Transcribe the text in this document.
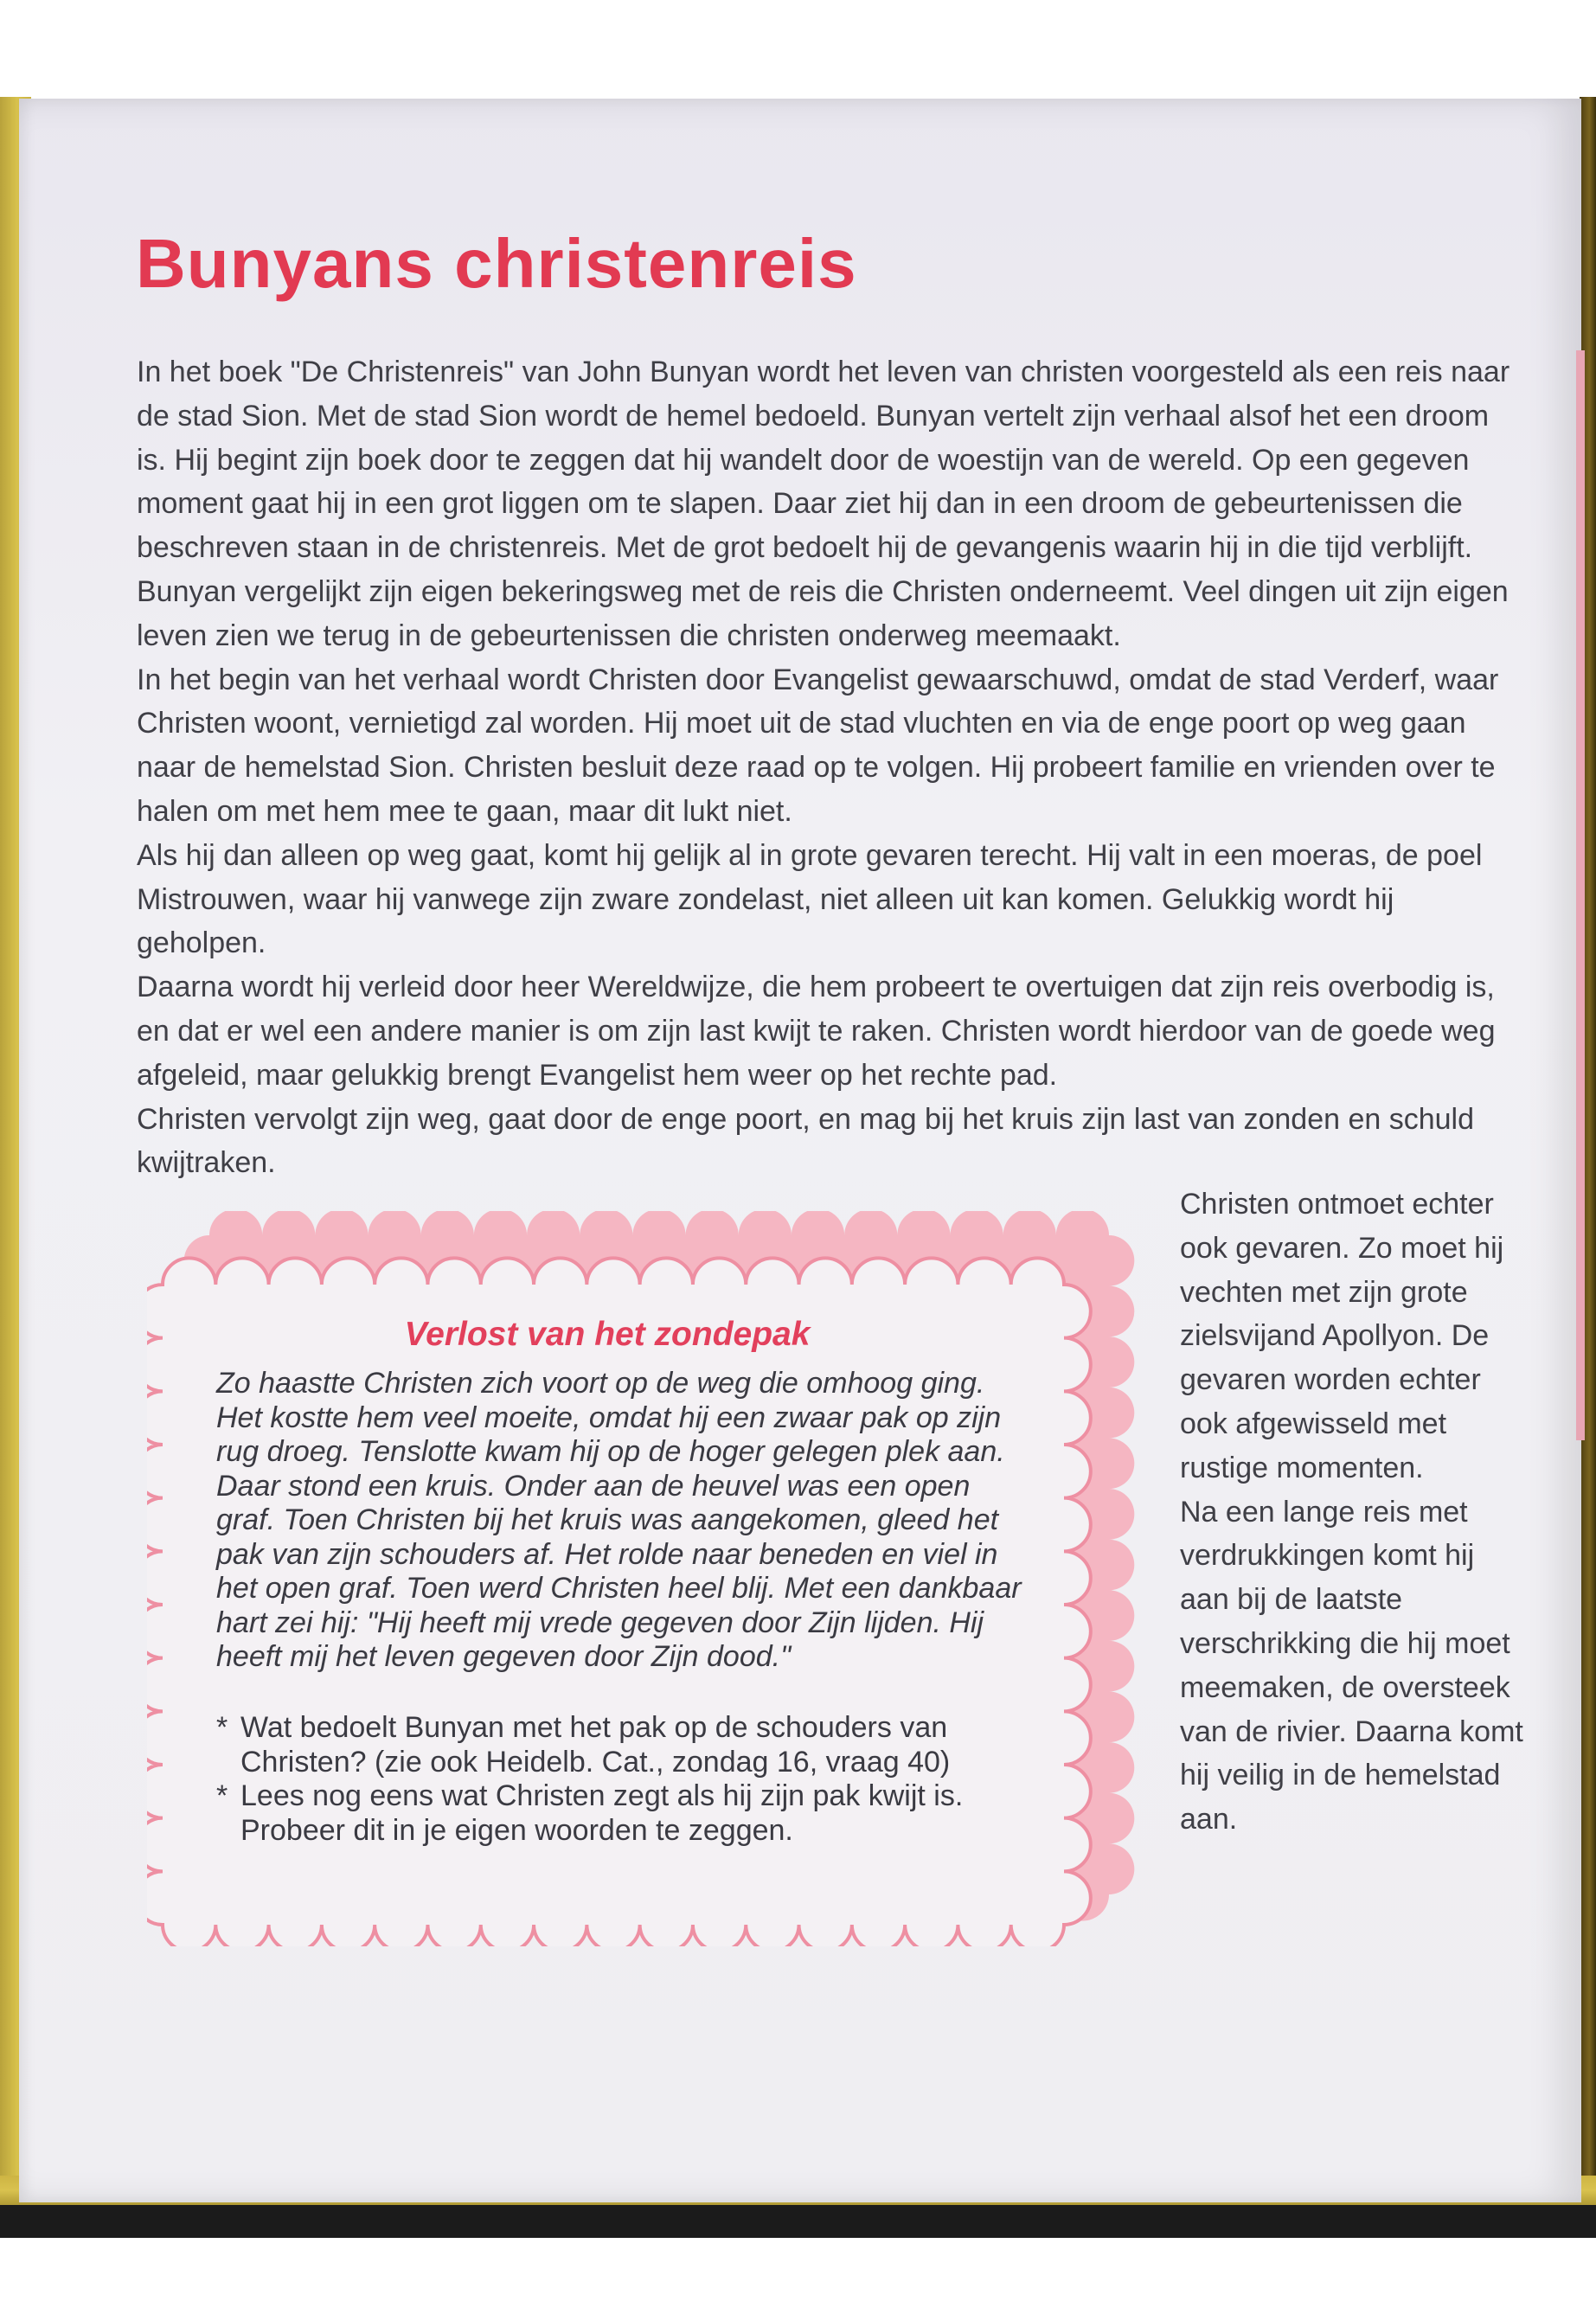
Bunyans christenreis

In het boek "De Christenreis" van John Bunyan wordt het leven van christen voorgesteld als een reis naar de stad Sion. Met de stad Sion wordt de hemel bedoeld. Bunyan vertelt zijn verhaal alsof het een droom is. Hij begint zijn boek door te zeggen dat hij wandelt door de woestijn van de wereld. Op een gegeven moment gaat hij in een grot liggen om te slapen. Daar ziet hij dan in een droom de gebeurtenissen die beschreven staan in de christenreis. Met de grot bedoelt hij de gevangenis waarin hij in die tijd verblijft. Bunyan vergelijkt zijn eigen bekeringsweg met de reis die Christen onderneemt. Veel dingen uit zijn eigen leven zien we terug in de gebeurtenissen die christen onderweg meemaakt.

In het begin van het verhaal wordt Christen door Evangelist gewaarschuwd, omdat de stad Verderf, waar Christen woont, vernietigd zal worden. Hij moet uit de stad vluchten en via de enge poort op weg gaan naar de hemelstad Sion. Christen besluit deze raad op te volgen. Hij probeert familie en vrienden over te halen om met hem mee te gaan, maar dit lukt niet.

Als hij dan alleen op weg gaat, komt hij gelijk al in grote gevaren terecht. Hij valt in een moeras, de poel Mistrouwen, waar hij vanwege zijn zware zondelast, niet alleen uit kan komen. Gelukkig wordt hij geholpen.

Daarna wordt hij verleid door heer Wereldwijze, die hem probeert te overtuigen dat zijn reis overbodig is, en dat er wel een andere manier is om zijn last kwijt te raken. Christen wordt hierdoor van de goede weg afgeleid, maar gelukkig brengt Evangelist hem weer op het rechte pad.

Christen vervolgt zijn weg, gaat door de enge poort, en mag bij het kruis zijn last van zonden en schuld kwijtraken.

Christen ontmoet echter ook gevaren. Zo moet hij vechten met zijn grote zielsvijand Apollyon. De gevaren worden echter ook afgewisseld met rustige momenten.

Na een lange reis met verdrukkingen komt hij aan bij de laatste verschrikking die hij moet meemaken, de oversteek van de rivier. Daarna komt hij veilig in de hemelstad aan.

Verlost van het zondepak

Zo haastte Christen zich voort op de weg die omhoog ging.

Het kostte hem veel moeite, omdat hij een zwaar pak op zijn

rug droeg. Tenslotte kwam hij op de hoger gelegen plek aan.

Daar stond een kruis. Onder aan de heuvel was een open

graf. Toen Christen bij het kruis was aangekomen, gleed het

pak van zijn schouders af. Het rolde naar beneden en viel in

het open graf. Toen werd Christen heel blij. Met een dankbaar

hart zei hij: "Hij heeft mij vrede gegeven door Zijn lijden. Hij

heeft mij het leven gegeven door Zijn dood."

* Wat bedoelt Bunyan met het pak op de schouders van Christen? (zie ook Heidelb. Cat., zondag 16, vraag 40)
* Lees nog eens wat Christen zegt als hij zijn pak kwijt is. Probeer dit in je eigen woorden te zeggen.
